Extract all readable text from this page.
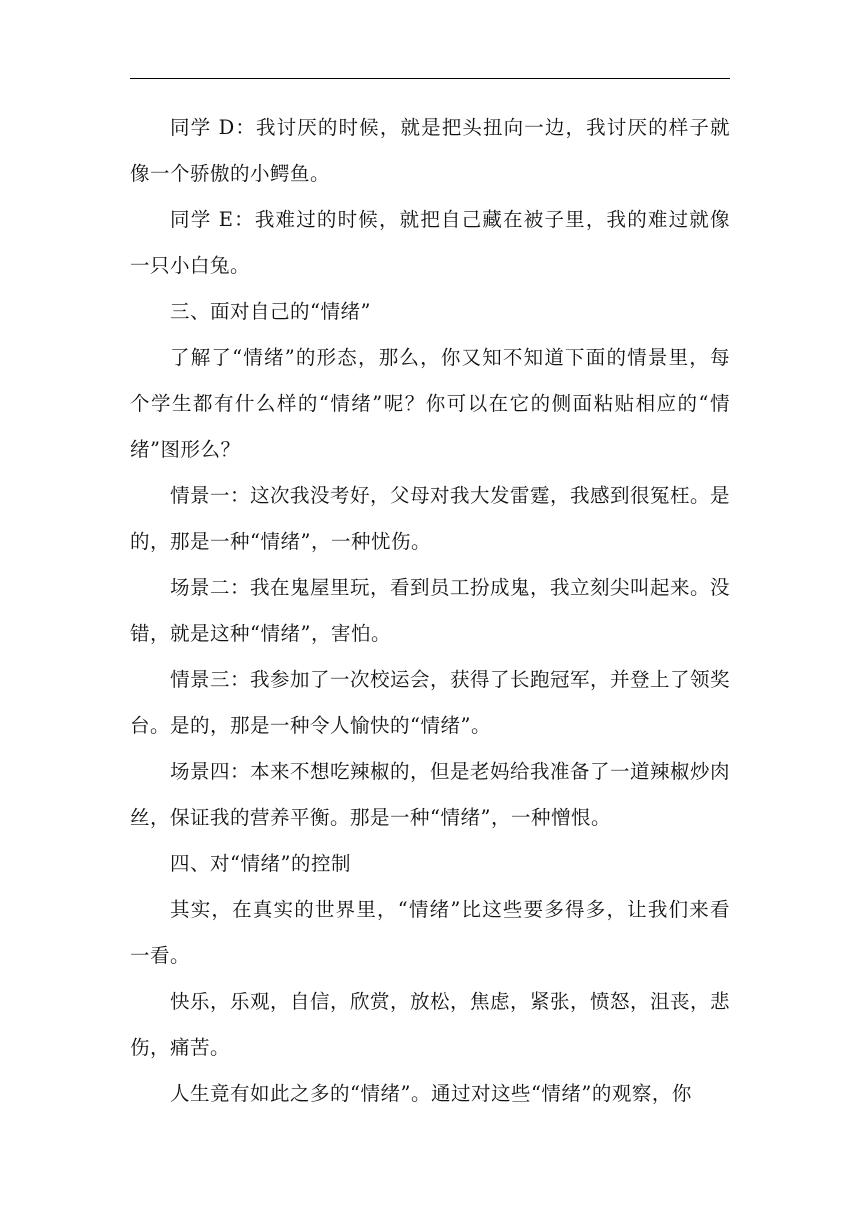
同学 D：我讨厌的时候，就是把头扭向一边，我讨厌的样子就像一个骄傲的小鳄鱼。

同学 E：我难过的时候，就把自己藏在被子里，我的难过就像一只小白兔。

三、面对自己的“情绪”

了解了“情绪”的形态，那么，你又知不知道下面的情景里，每个学生都有什么样的“情绪”呢？你可以在它的侧面粘贴相应的“情绪”图形么？

情景一：这次我没考好，父母对我大发雷霆，我感到很冤枉。是的，那是一种“情绪”，一种忧伤。

场景二：我在鬼屋里玩，看到员工扮成鬼，我立刻尖叫起来。没错，就是这种“情绪”，害怕。

情景三：我参加了一次校运会，获得了长跑冠军，并登上了领奖台。是的，那是一种令人愉快的“情绪”。

场景四：本来不想吃辣椒的，但是老妈给我准备了一道辣椒炒肉丝，保证我的营养平衡。那是一种“情绪”，一种憎恨。

四、对“情绪”的控制

其实，在真实的世界里，“情绪”比这些要多得多，让我们来看一看。

快乐，乐观，自信，欣赏，放松，焦虑，紧张，愤怒，沮丧，悲伤，痛苦。

人生竟有如此之多的“情绪”。通过对这些“情绪”的观察，你
